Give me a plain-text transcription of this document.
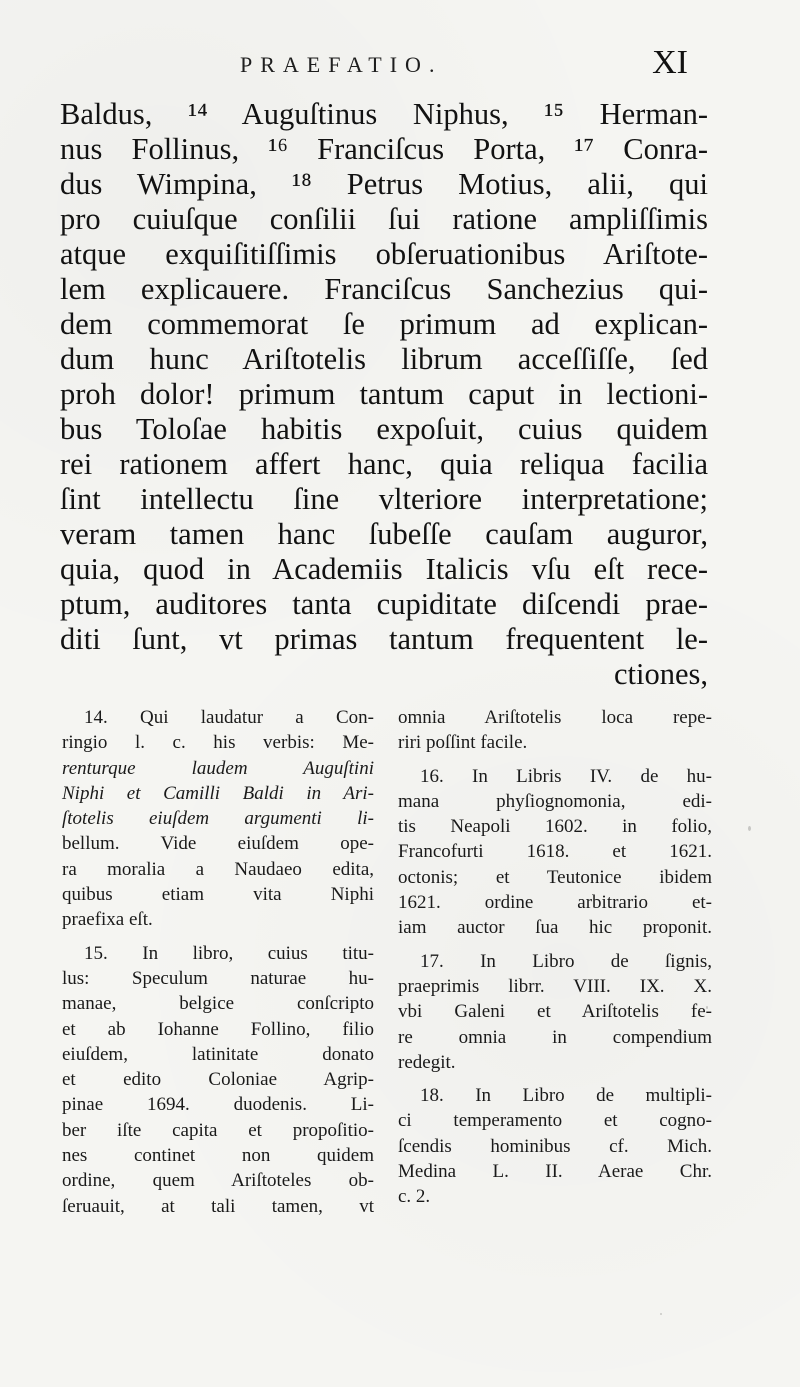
PRAEFATIO.	XI
Baldus, ¹⁴ Auguſtinus Niphus, ¹⁵ Herman-
nus Follinus, ¹⁶ Franciſcus Porta, ¹⁷ Conra-
dus Wimpina, ¹⁸ Petrus Motius, alii, qui
pro cuiuſque conſilii ſui ratione ampliſſimis
atque exquiſitiſſimis obſeruationibus Ariſtote-
lem explicauere. Franciſcus Sanchezius qui-
dem commemorat ſe primum ad explican-
dum hunc Ariſtotelis librum acceſſiſſe, ſed
proh dolor! primum tantum caput in lectioni-
bus Toloſae habitis expoſuit, cuius quidem
rei rationem affert hanc, quia reliqua facilia
ſint intellectu ſine vlteriore interpretatione;
veram tamen hanc ſubeſſe cauſam auguror,
quia, quod in Academiis Italicis vſu eſt rece-
ptum, auditores tanta cupiditate diſcendi prae-
diti ſunt, vt primas tantum frequentent le-
ctiones,
14. Qui laudatur a Con-
ringio l. c. his verbis: Me-
renturque laudem Auguſtini
Niphi et Camilli Baldi in Ari-
ſtotelis eiuſdem argumenti li-
bellum. Vide eiuſdem ope-
ra moralia a Naudaeo edita,
quibus etiam vita Niphi
praefixa eſt.
15. In libro, cuius titu-
lus: Speculum naturae hu-
manae, belgice conſcripto
et ab Iohanne Follino, filio
eiuſdem, latinitate donato
et edito Coloniae Agrip-
pinae 1694. duodenis. Li-
ber iſte capita et propoſitio-
nes continet non quidem
ordine, quem Ariſtoteles ob-
ſeruauit, at tali tamen, vt
omnia Ariſtotelis loca repe-
riri poſſint facile.
16. In Libris IV. de hu-
mana phyſiognomonia, edi-
tis Neapoli 1602. in folio,
Francofurti 1618. et 1621.
octonis; et Teutonice ibidem
1621. ordine arbitrario et-
iam auctor ſua hic proponit.
17. In Libro de ſignis,
praeprimis librr. VIII. IX. X.
vbi Galeni et Ariſtotelis fe-
re omnia in compendium
redegit.
18. In Libro de multipli-
ci temperamento et cogno-
ſcendis hominibus cf. Mich.
Medina L. II. Aerae Chr.
c. 2.
